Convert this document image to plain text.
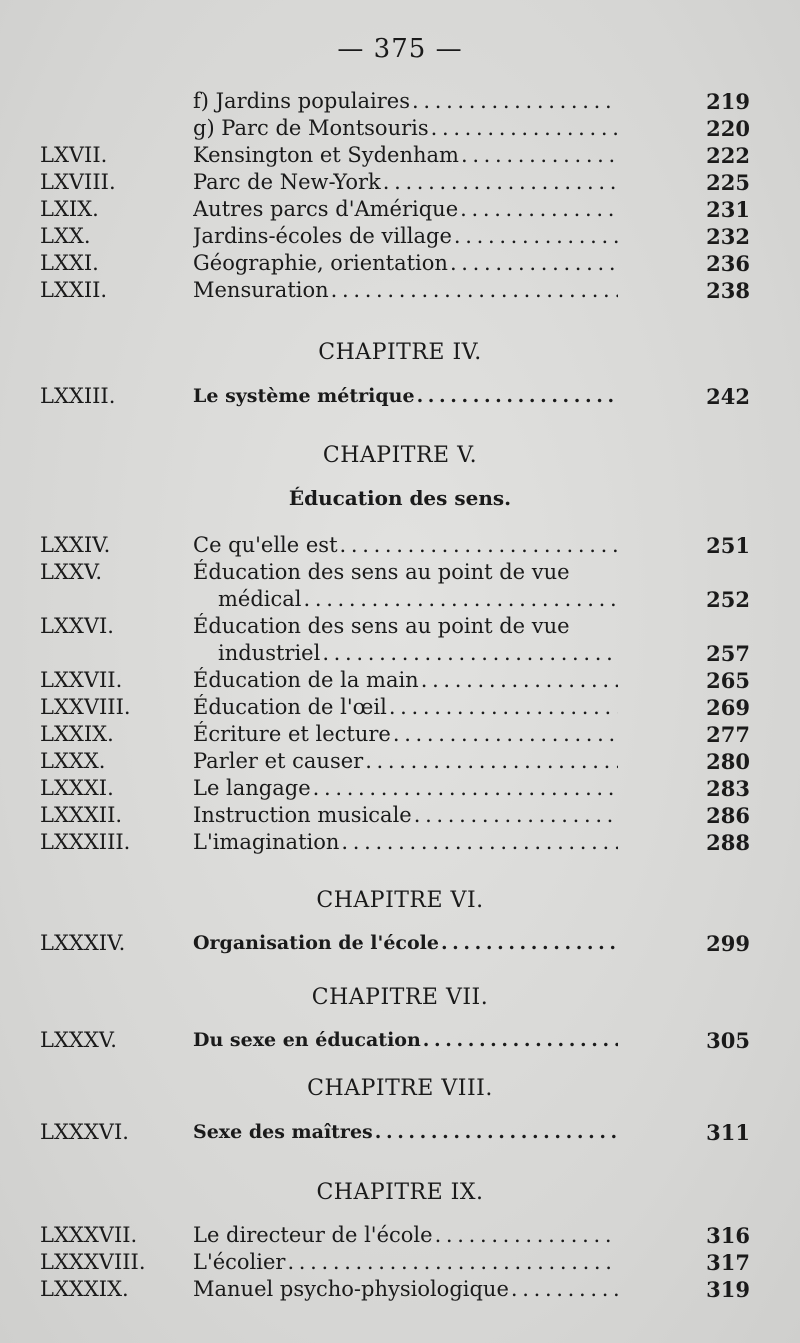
— 375 —
f) Jardins populaires . . .	219
g) Parc de Montsouris . . .	220
LXVII.	Kensington et Sydenham . . .	222
LXVIII.	Parc de New-York . . .	225
LXIX.	Autres parcs d'Amérique . . .	231
LXX.	Jardins-écoles de village . . .	232
LXXI.	Géographie, orientation . . .	236
LXXII.	Mensuration . . .	238
CHAPITRE IV.
LXXIII.	Le système métrique . . .	242
CHAPITRE V.
Éducation des sens.
LXXIV.	Ce qu'elle est . . .	251
LXXV.	Éducation des sens au point de vue
médical . . .	252
LXXVI.	Éducation des sens au point de vue
industriel . . .	257
LXXVII.	Éducation de la main . . .	265
LXXVIII.	Éducation de l'œil . . .	269
LXXIX.	Écriture et lecture . . .	277
LXXX.	Parler et causer . . .	280
LXXXI.	Le langage . . .	283
LXXXII.	Instruction musicale . . .	286
LXXXIII.	L'imagination . . .	288
CHAPITRE VI.
LXXXIV.	Organisation de l'école . . .	299
CHAPITRE VII.
LXXXV.	Du sexe en éducation . . .	305
CHAPITRE VIII.
LXXXVI.	Sexe des maîtres . . .	311
CHAPITRE IX.
LXXXVII.	Le directeur de l'école . . .	316
LXXXVIII. L'écolier . . .	317
LXXXIX.	Manuel psycho-physiologique . . .	319
